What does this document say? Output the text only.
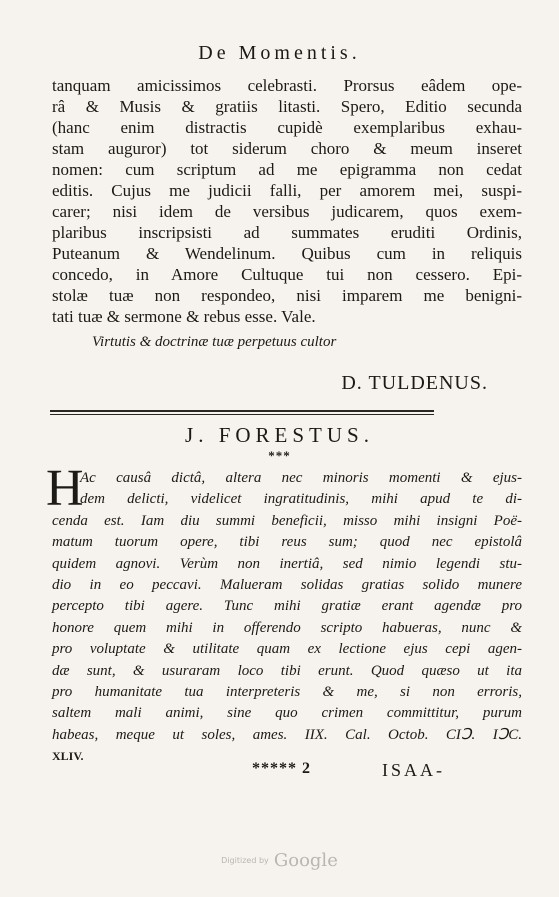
De Momentis.
tanquam amicissimos celebrasti. Prorsus eâdem ope-
râ & Musis & gratiis litasti. Spero, Editio secunda
(hanc enim distractis cupidè exemplaribus exhau-
stam auguror) tot siderum choro & meum inseret
nomen: cum scriptum ad me epigramma non cedat
editis. Cujus me judicii falli, per amorem mei, suspi-
carer; nisi idem de versibus judicarem, quos exem-
plaribus inscripsisti ad summates eruditi Ordinis,
Puteanum & Wendelinum. Quibus cum in reliquis
concedo, in Amore Cultuque tui non cessero. Epi-
stolæ tuæ non respondeo, nisi imparem me benigni-
tati tuæ & sermone & rebus esse. Vale.
Virtutis & doctrinæ tuæ perpetuus cultor
D. TULDENUS.
J. FORESTUS.
***
H
Ac causâ dictâ, altera nec minoris momenti & ejus-
dem delicti, videlicet ingratitudinis, mihi apud te di-
cenda est. Iam diu summi beneficii, misso mihi insigni Poë-
matum tuorum opere, tibi reus sum; quod nec epistolâ
quidem agnovi. Verùm non inertiâ, sed nimio legendi stu-
dio in eo peccavi. Malueram solidas gratias solido munere
percepto tibi agere. Tunc mihi gratiæ erant agendæ pro
honore quem mihi in offerendo scripto habueras, nunc &
pro voluptate & utilitate quam ex lectione ejus cepi agen-
dæ sunt, & usuraram loco tibi erunt. Quod quæso ut ita
pro humanitate tua interpreteris & me, si non erroris,
saltem mali animi, sine quo crimen committitur, purum
habeas, meque ut soles, ames. IIX. Cal. Octob. CIↃ. IↃC.
XLIV.
***** 2	ISAA-
Digitized by Google
